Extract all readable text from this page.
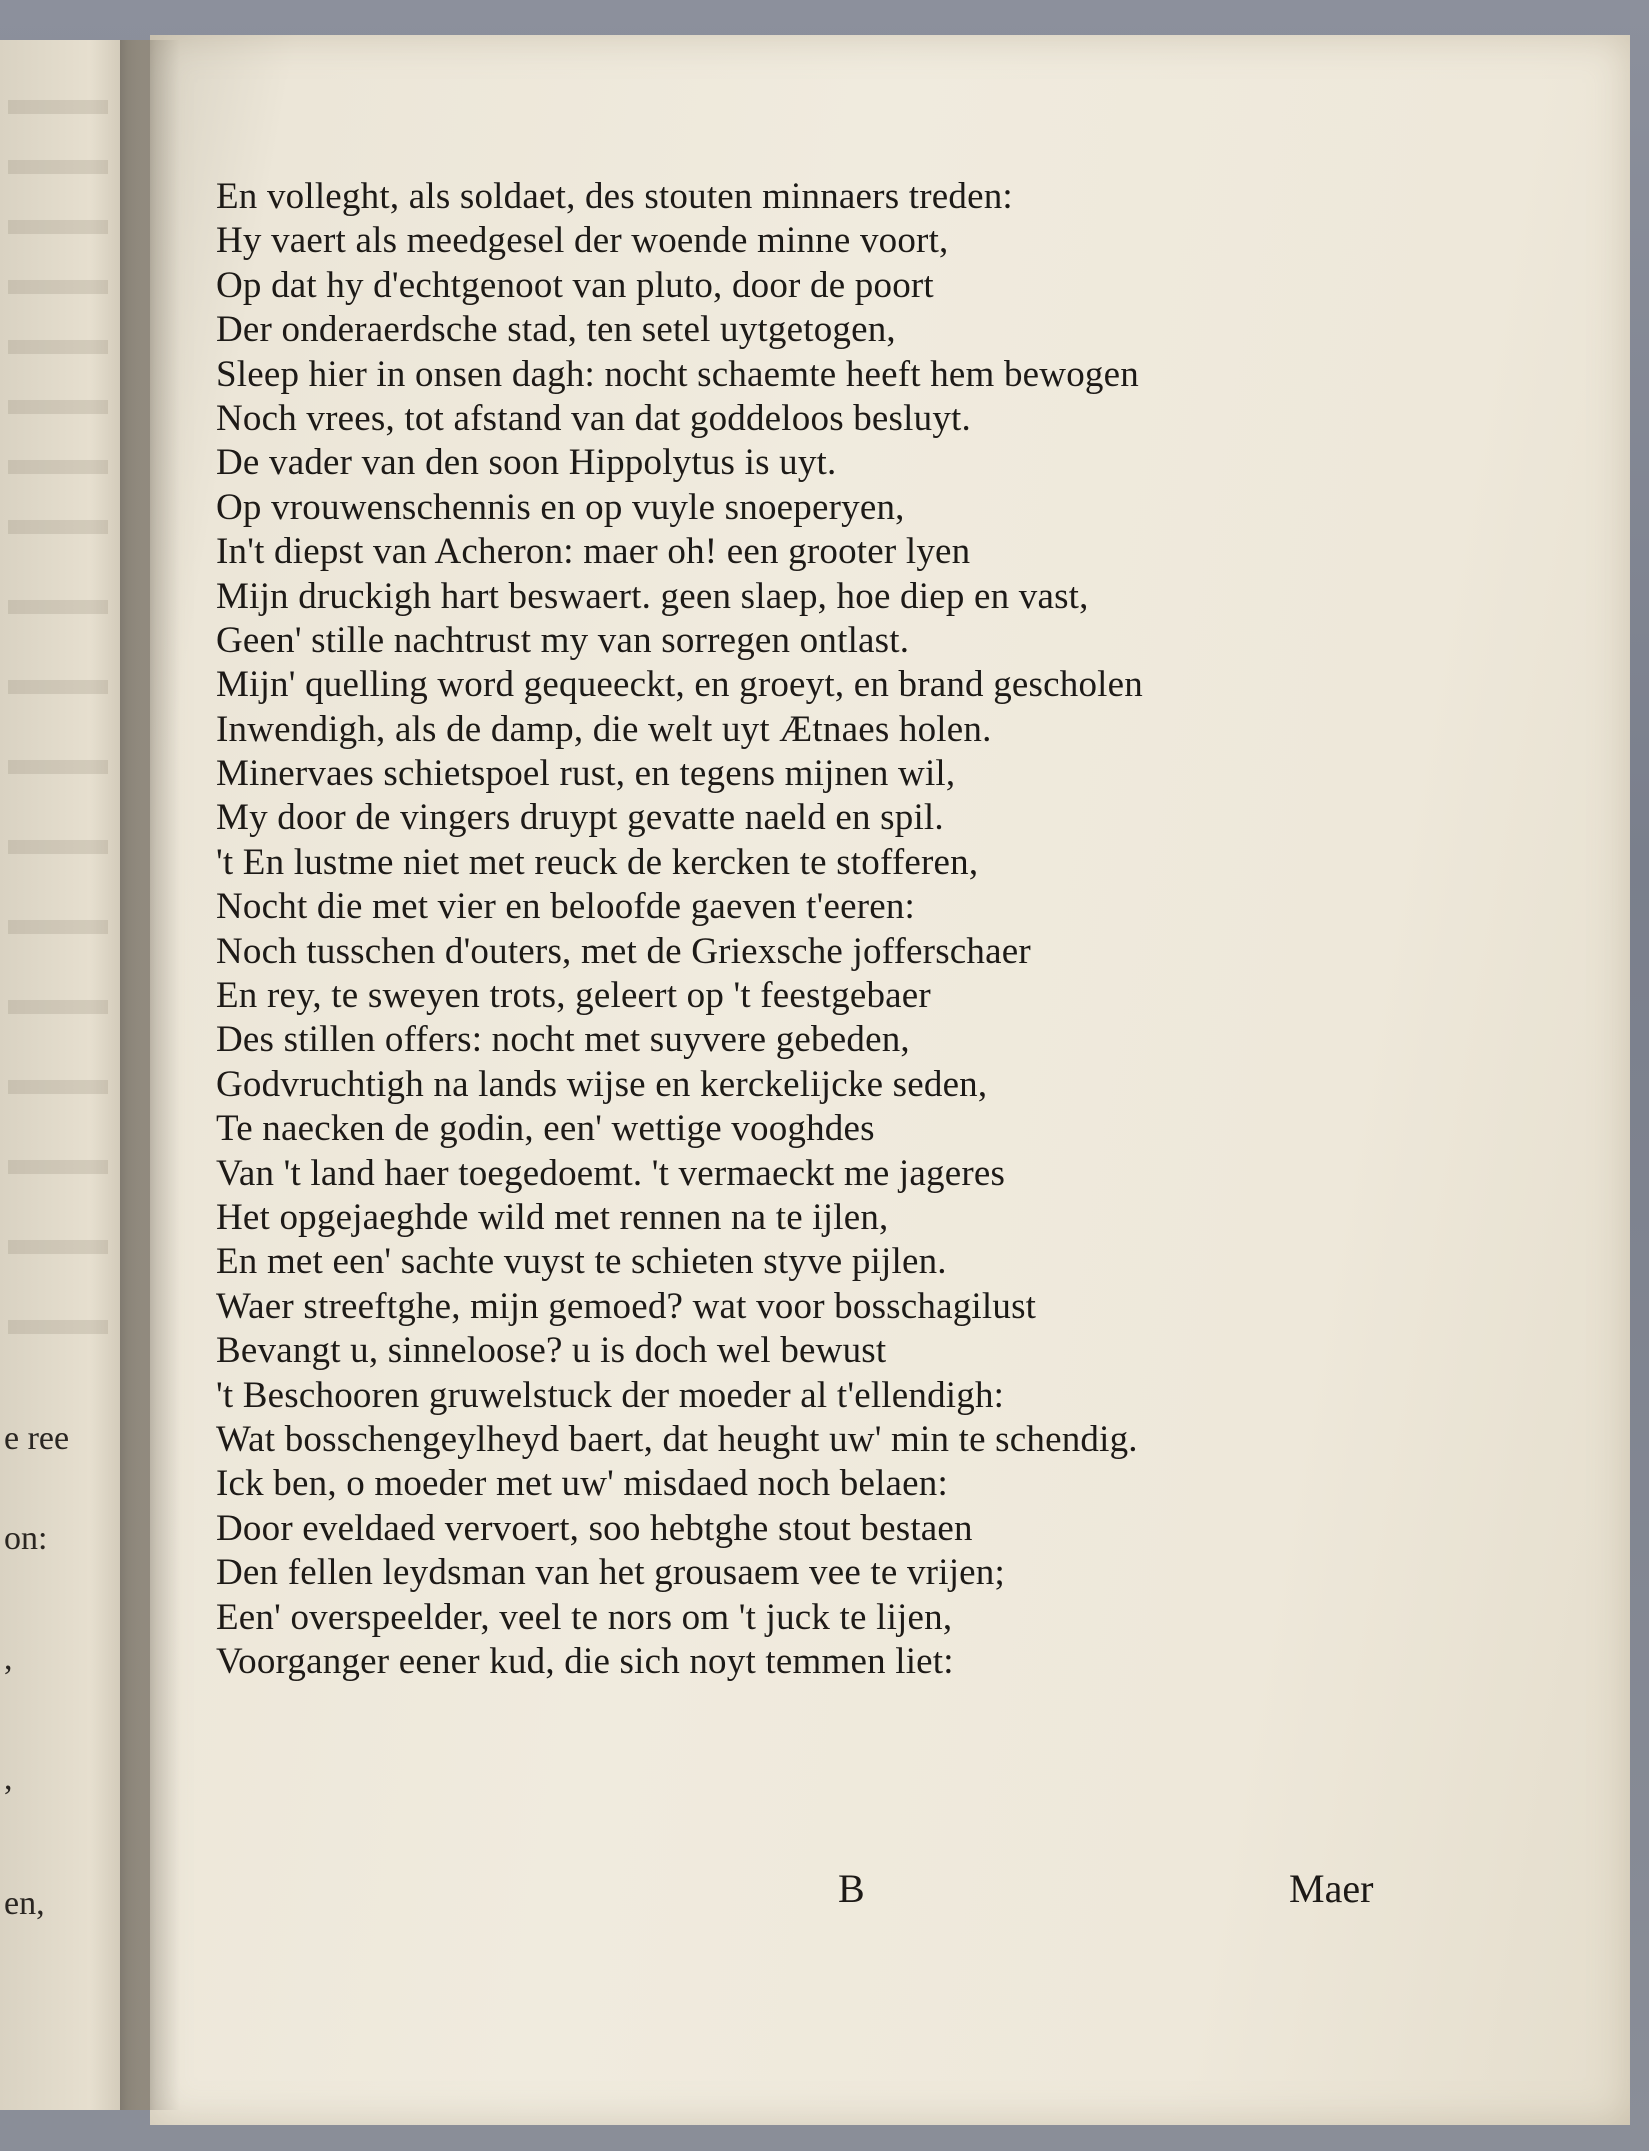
e ree
on:
,
,
en,
En volleght, als soldaet, des stouten minnaers treden:
Hy vaert als meedgesel der woende minne voort,
Op dat hy d'echtgenoot van pluto, door de poort
Der onderaerdsche stad, ten setel uytgetogen,
Sleep hier in onsen dagh: nocht schaemte heeft hem bewogen
Noch vrees, tot afstand van dat goddeloos besluyt.
De vader van den soon Hippolytus is uyt.
Op vrouwenschennis en op vuyle snoeperyen,
In't diepst van Acheron: maer oh! een grooter lyen
Mijn druckigh hart beswaert. geen slaep, hoe diep en vast,
Geen' stille nachtrust my van sorregen ontlast.
Mijn' quelling word gequeeckt, en groeyt, en brand gescholen
Inwendigh, als de damp, die welt uyt Ætnaes holen.
Minervaes schietspoel rust, en tegens mijnen wil,
My door de vingers druypt gevatte naeld en spil.
't En lustme niet met reuck de kercken te stofferen,
Nocht die met vier en beloofde gaeven t'eeren:
Noch tusschen d'outers, met de Griexsche jofferschaer
En rey, te sweyen trots, geleert op 't feestgebaer
Des stillen offers: nocht met suyvere gebeden,
Godvruchtigh na lands wijse en kerckelijcke seden,
Te naecken de godin, een' wettige vooghdes
Van 't land haer toegedoemt. 't vermaeckt me jageres
Het opgejaeghde wild met rennen na te ijlen,
En met een' sachte vuyst te schieten styve pijlen.
Waer streeftghe, mijn gemoed? wat voor bosschagilust
Bevangt u, sinneloose? u is doch wel bewust
't Beschooren gruwelstuck der moeder al t'ellendigh:
Wat bosschengeylheyd baert, dat heught uw' min te schendig.
Ick ben, o moeder met uw' misdaed noch belaen:
Door eveldaed vervoert, soo hebtghe stout bestaen
Den fellen leydsman van het grousaem vee te vrijen;
Een' overspeelder, veel te nors om 't juck te lijen,
Voorganger eener kud, die sich noyt temmen liet:
B	Maer
